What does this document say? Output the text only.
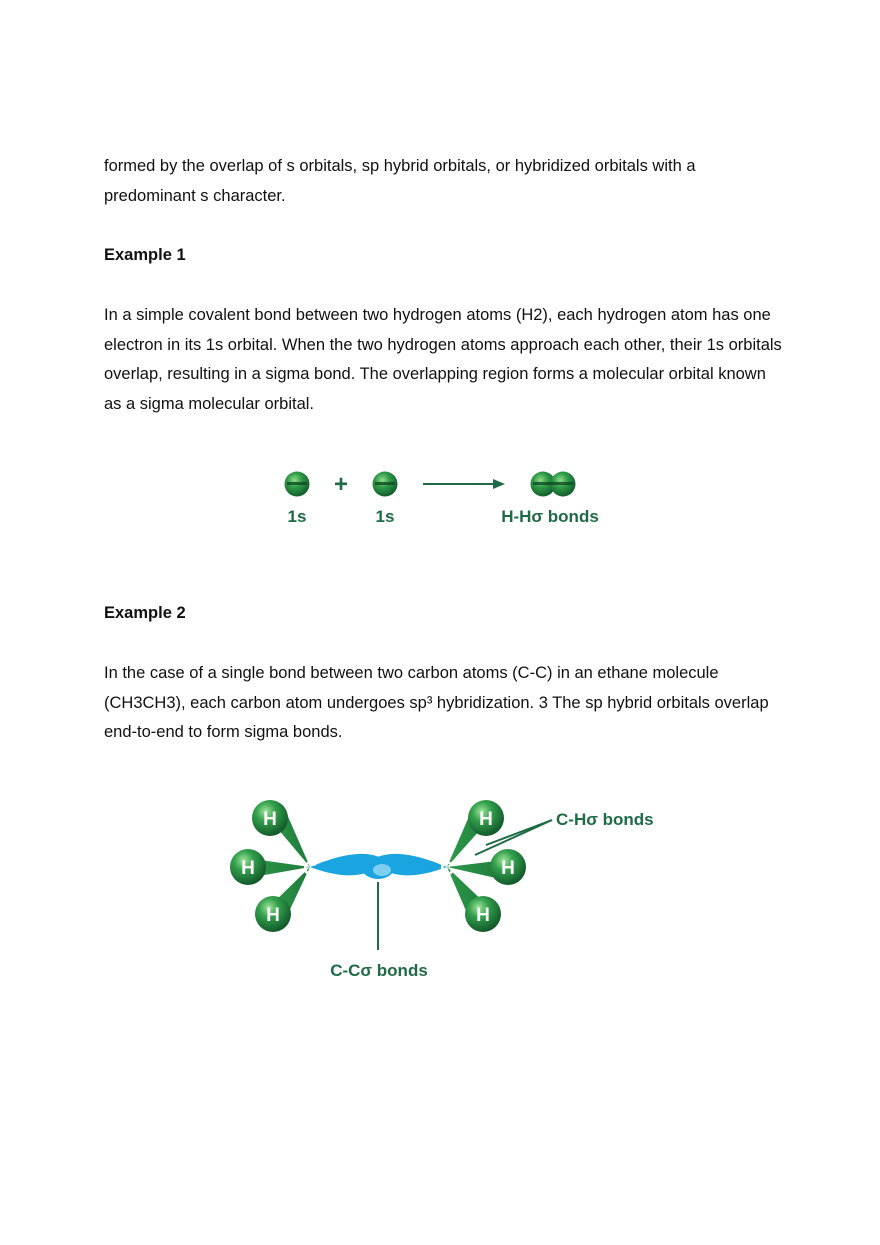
formed by the overlap of s orbitals, sp hybrid orbitals, or hybridized orbitals with a predominant s character.

Example 1

In a simple covalent bond between two hydrogen atoms (H2), each hydrogen atom has one electron in its 1s orbital. When the two hydrogen atoms approach each other, their 1s orbitals overlap, resulting in a sigma bond. The overlapping region forms a molecular orbital known as a sigma molecular orbital.

+
1s	1s	H-Hσ bonds

Example 2

In the case of a single bond between two carbon atoms (C-C) in an ethane molecule (CH3CH3), each carbon atom undergoes sp³ hybridization. 3 The sp hybrid orbitals overlap end-to-end to form sigma bonds.

H
H
H
H
H
H
C	C
C-Hσ bonds
C-Cσ bonds
